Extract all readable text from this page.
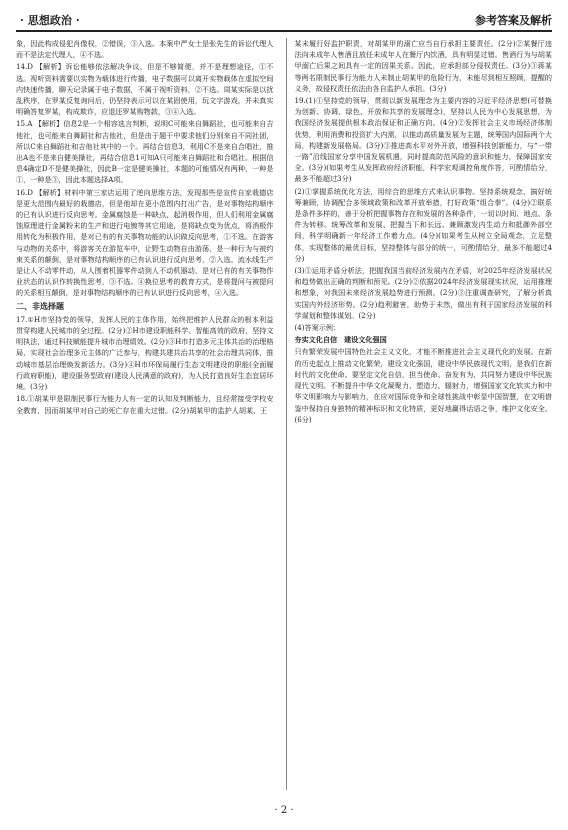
· 思想政治 ·	参考答案及解析

象，因此构成侵犯肖像权，②错误，③入选。本案中严女士是张先生的诉讼代理人而不是法定代理人，④不选。

14.D 【解析】诉讼能够依法解决争议，但是不够简便，并不是理想途径，①不选。视听资料需要以实物为载体进行传播，电子数据可以离开实物载体在虚拟空间内快速传播，聊天记录属于电子数据，不属于视听资料，②不选。周某实际是以扰乱秩序，在罗某反复询问后，仍坚持表示可以在某固使用，玩文字游戏，并未真实明确答复罗某，构成欺诈，应退还罗某购物款，③④入选。

15.A 【解析】信息2是一个相容选言判断，说明C可能来自舞蹈社，也可能来自吉他社，也可能来自舞蹈社和吉他社，但是由于题干中要求他们分别来自不同社团，所以C来自舞蹈社和吉他社其中的一个。再结合信息3，利用C不是来自合唱社，推出A也不是来自健美操社，再结合信息1可知A只可能来自舞蹈社和合唱社。根据信息4确定D不是健美操社，因此B一定是健美操社，本题的可能情况有两种，一种是①，一种是③，因此本题选择A项。

16.D 【解析】材料中第三家店运用了逆向思维方法，发现那些是宣传自家栽德店是更大范围内最好的栽德店，但是他却在更小范围内打出广告，是对事物结构顺序的已有认识进行反向思考。金属腐蚀是一种缺点，起消极作用，但人们利用金属腐蚀原理进行金属粉末的生产和进行电镀等其它用途，是将缺点变为优点，将消极作用转化为积极作用，是对已有的有关事物功能的认识做反向思考，①不选。在游客与动物的关系中，将游客关在游览车中，让野生动物自由游荡，是一种行为与被约束关系的颠倒，是对事物结构顺序的已有认识进行反向思考，②入选。流水线生产是让人不动零件动，从人围着机器零件动到人不动机器动，是对已有的有关事物作业状态的认识作转换性思考，③不选。④换位思考的教育方式，是将提问与被提问的关系相互颠倒，是对事物结构顺序的已有认识进行反向思考，④入选。

二、非选择题

17.①H市坚持党的领导，发挥人民的主体作用，始终把维护人民群众的根本利益贯穿构建人民城市的全过程。(2分)②H市建设职能科学、智能高效的政府，坚持文明执法，通过科技赋能提升城市治理绩效。(2分)③H市打造多元主体共治的治理格局，实现社会治理多元主体的广泛参与，构建共建共治共享的社会治理共同体，推动城市基层治理焕发新活力。(3分)④H市环保局履行生态文明建设的职能(全面履行政府职能)，建设服务型政府(建设人民满意的政府)，为人民打造良好生态宜居环境。(3分)

18.①胡某甲是限制民事行为能力人有一定的认知及判断能力，且经常接受学校安全教育，因而胡某甲对自己的死亡存在重大过错。(2分)胡某甲的监护人胡某、王

某未履行好监护职责，对胡某甲的溺亡应当自行承担主要责任。(2分)②某餐厅违法向未成年人售酒且放任未成年人在餐厅内饮酒，具有明显过错。售酒行为与胡某甲溺亡后果之间具有一定的因果关系。因此，应承担部分侵权责任。(3分)③蒋某等两名限制民事行为能力人未制止胡某甲的危险行为，未能尽到相互照顾，提醒的义务，故侵权责任依法由各自监护人承担。(3分)

19.(1)①坚持党的领导，贯彻以新发展理念为主要内容的习近平经济思想(可替换为创新、协调、绿色、开放和共享的发展理念)，坚持以人民为中心发展思想，为我国经济发展提供根本政治保证和正确方向。(4分)②发挥社会主义市场经济体制优势，利用消费和投资扩大内需，以推动高质量发展为主题，统筹国内国际两个大局，构建新发展格局。(3分)③推进高水平对外开放，增强科技创新能力，与“一带一路”沿线国家分享中国发展机遇，同时提高防范风险的意识和能力，保障国家安全。(3分)(如果考生从发挥政府经济职能，科学宏观调控角度作答，可酌情给分，最多不能超过3分)

(2)①掌握系统优化方法，用综合的思维方式来认识事物。坚持系统观念，搞好统筹兼顾，协调配合多领域政策和改革开放举措，打好政策“组合拳”。(4分)②联系是条件多样的，善于分析把握事物存在和发展的各种条件，一切以时间、地点、条件为转移。统筹改革和发展、把握当下和长远、兼顾激发内生动力和抵御外部空间，科学明确新一年经济工作着力点。(4分)(如果考生从树立全局观念，立足整体，实现整体的最优目标，坚持整体与部分的统一，可酌情给分，最多不能超过4分)

(3)①运用矛盾分析法，把握我国当前经济发展内在矛盾，对2025年经济发展状况和趋势做出正确的判断和预见。(2分)②依据2024年经济发展现实状况，运用推理和想象，对我国未来经济发展趋势进行预测。(2分)③注重调查研究，了解分析真实国内外经济形势。(2分)趋利避害，助势于未然，做出有利于国家经济发展的科学谋划和整体谋划。(2分)

(4)答案示例：

夯实文化自信　建设文化强国

只有繁荣发展中国特色社会主义文化，才能不断推进社会主义现代化的发展。在新的历史起点上推动文化繁荣，建设文化强国，建设中华民族现代文明，是我们在新时代的文化使命。要坚定文化自信，担当使命、奋发有为，共同努力建设中华民族现代文明。不断提升中华文化凝聚力、塑造力、辐射力，增强国家文化软实力和中华文明影响力与影响力，在应对国际竞争和全球性挑战中彰显中国智慧，在文明借鉴中保持自身独特的精神标识和文化特质，更好地赢得话语之争，维护文化安全。(6分)

· 2 ·
